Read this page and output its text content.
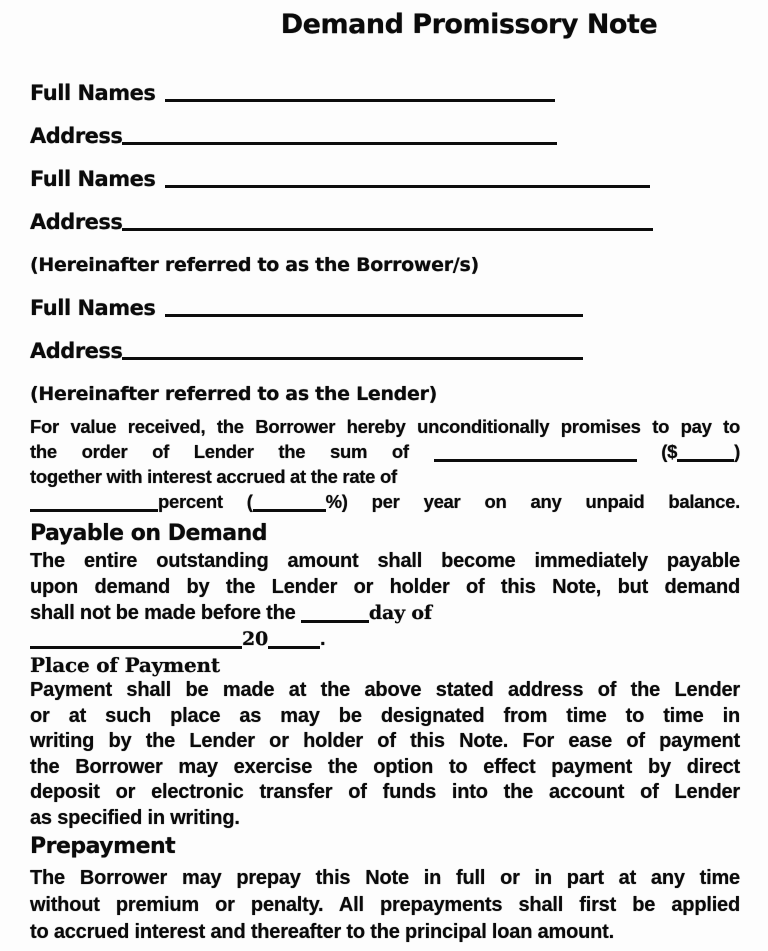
Demand Promissory Note
Full Names
Address
Full Names
Address
(Hereinafter referred to as the Borrower/s)
Full Names
Address
(Hereinafter referred to as the Lender)
For value received, the Borrower hereby unconditionally promises to pay to
the order of Lender the sum of	($	)
together with interest accrued at the rate of
percent (	%) per year on any unpaid balance.
Payable on Demand
The entire outstanding amount shall become immediately payable
upon demand by the Lender or holder of this Note, but demand
shall not be made before the	day of
20	.
Place of Payment
Payment shall be made at the above stated address of the Lender
or at such place as may be designated from time to time in
writing by the Lender or holder of this Note. For ease of payment
the Borrower may exercise the option to effect payment by direct
deposit or electronic transfer of funds into the account of Lender
as specified in writing.
Prepayment
The Borrower may prepay this Note in full or in part at any time
without premium or penalty. All prepayments shall first be applied
to accrued interest and thereafter to the principal loan amount.
